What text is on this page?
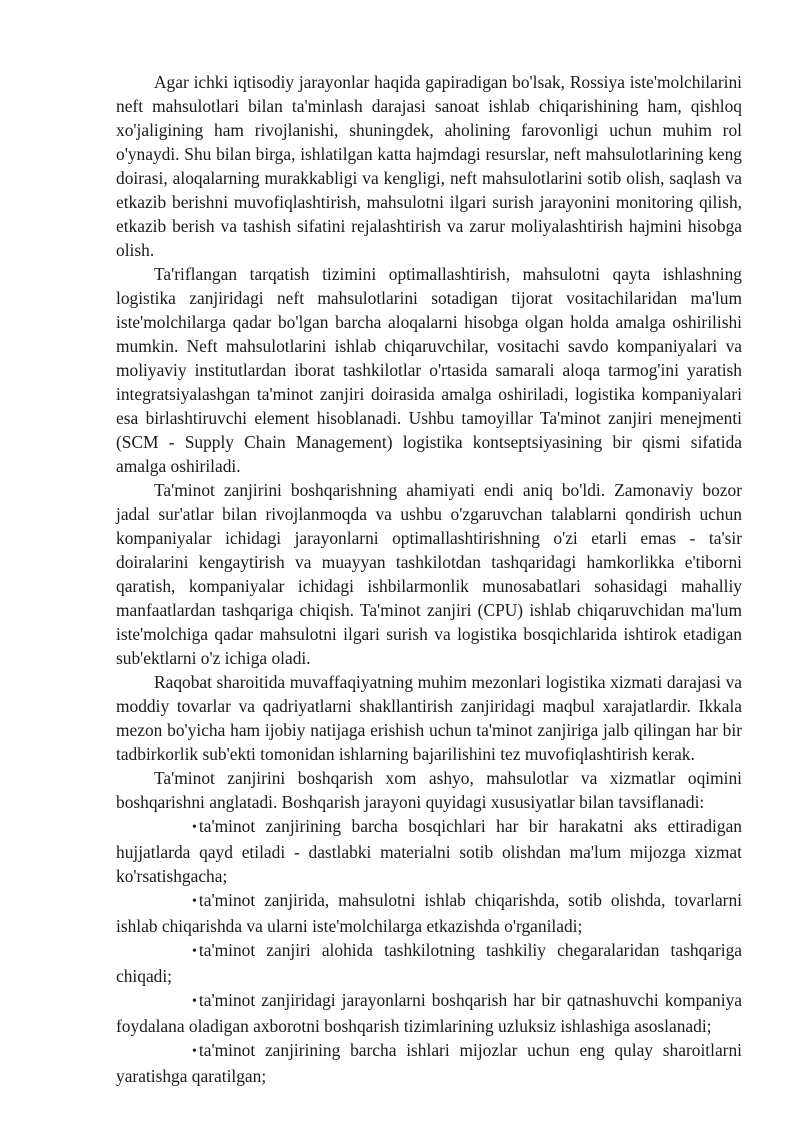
Agar ichki iqtisodiy jarayonlar haqida gapiradigan bo'lsak, Rossiya iste'molchilarini neft mahsulotlari bilan ta'minlash darajasi sanoat ishlab chiqarishining ham, qishloq xo'jaligining ham rivojlanishi, shuningdek, aholining farovonligi uchun muhim rol o'ynaydi. Shu bilan birga, ishlatilgan katta hajmdagi resurslar, neft mahsulotlarining keng doirasi, aloqalarning murakkabligi va kengligi, neft mahsulotlarini sotib olish, saqlash va etkazib berishni muvofiqlashtirish, mahsulotni ilgari surish jarayonini monitoring qilish, etkazib berish va tashish sifatini rejalashtirish va zarur moliyalashtirish hajmini hisobga olish.

Ta'riflangan tarqatish tizimini optimallashtirish, mahsulotni qayta ishlashning logistika zanjiridagi neft mahsulotlarini sotadigan tijorat vositachilaridan ma'lum iste'molchilarga qadar bo'lgan barcha aloqalarni hisobga olgan holda amalga oshirilishi mumkin. Neft mahsulotlarini ishlab chiqaruvchilar, vositachi savdo kompaniyalari va moliyaviy institutlardan iborat tashkilotlar o'rtasida samarali aloqa tarmog'ini yaratish integratsiyalashgan ta'minot zanjiri doirasida amalga oshiriladi, logistika kompaniyalari esa birlashtiruvchi element hisoblanadi. Ushbu tamoyillar Ta'minot zanjiri menejmenti (SCM - Supply Chain Management) logistika kontseptsiyasining bir qismi sifatida amalga oshiriladi.

Ta'minot zanjirini boshqarishning ahamiyati endi aniq bo'ldi. Zamonaviy bozor jadal sur'atlar bilan rivojlanmoqda va ushbu o'zgaruvchan talablarni qondirish uchun kompaniyalar ichidagi jarayonlarni optimallashtirishning o'zi etarli emas - ta'sir doiralarini kengaytirish va muayyan tashkilotdan tashqaridagi hamkorlikka e'tiborni qaratish, kompaniyalar ichidagi ishbilarmonlik munosabatlari sohasidagi mahalliy manfaatlardan tashqariga chiqish. Ta'minot zanjiri (CPU) ishlab chiqaruvchidan ma'lum iste'molchiga qadar mahsulotni ilgari surish va logistika bosqichlarida ishtirok etadigan sub'ektlarni o'z ichiga oladi.

Raqobat sharoitida muvaffaqiyatning muhim mezonlari logistika xizmati darajasi va moddiy tovarlar va qadriyatlarni shakllantirish zanjiridagi maqbul xarajatlardir. Ikkala mezon bo'yicha ham ijobiy natijaga erishish uchun ta'minot zanjiriga jalb qilingan har bir tadbirkorlik sub'ekti tomonidan ishlarning bajarilishini tez muvofiqlashtirish kerak.

Ta'minot zanjirini boshqarish xom ashyo, mahsulotlar va xizmatlar oqimini boshqarishni anglatadi. Boshqarish jarayoni quyidagi xususiyatlar bilan tavsiflanadi:

• ta'minot zanjirining barcha bosqichlari har bir harakatni aks ettiradigan hujjatlarda qayd etiladi - dastlabki materialni sotib olishdan ma'lum mijozga xizmat ko'rsatishgacha;

• ta'minot zanjirida, mahsulotni ishlab chiqarishda, sotib olishda, tovarlarni ishlab chiqarishda va ularni iste'molchilarga etkazishda o'rganiladi;

• ta'minot zanjiri alohida tashkilotning tashkiliy chegaralaridan tashqariga chiqadi;

• ta'minot zanjiridagi jarayonlarni boshqarish har bir qatnashuvchi kompaniya foydalana oladigan axborotni boshqarish tizimlarining uzluksiz ishlashiga asoslanadi;

• ta'minot zanjirining barcha ishlari mijozlar uchun eng qulay sharoitlarni yaratishga qaratilgan;
